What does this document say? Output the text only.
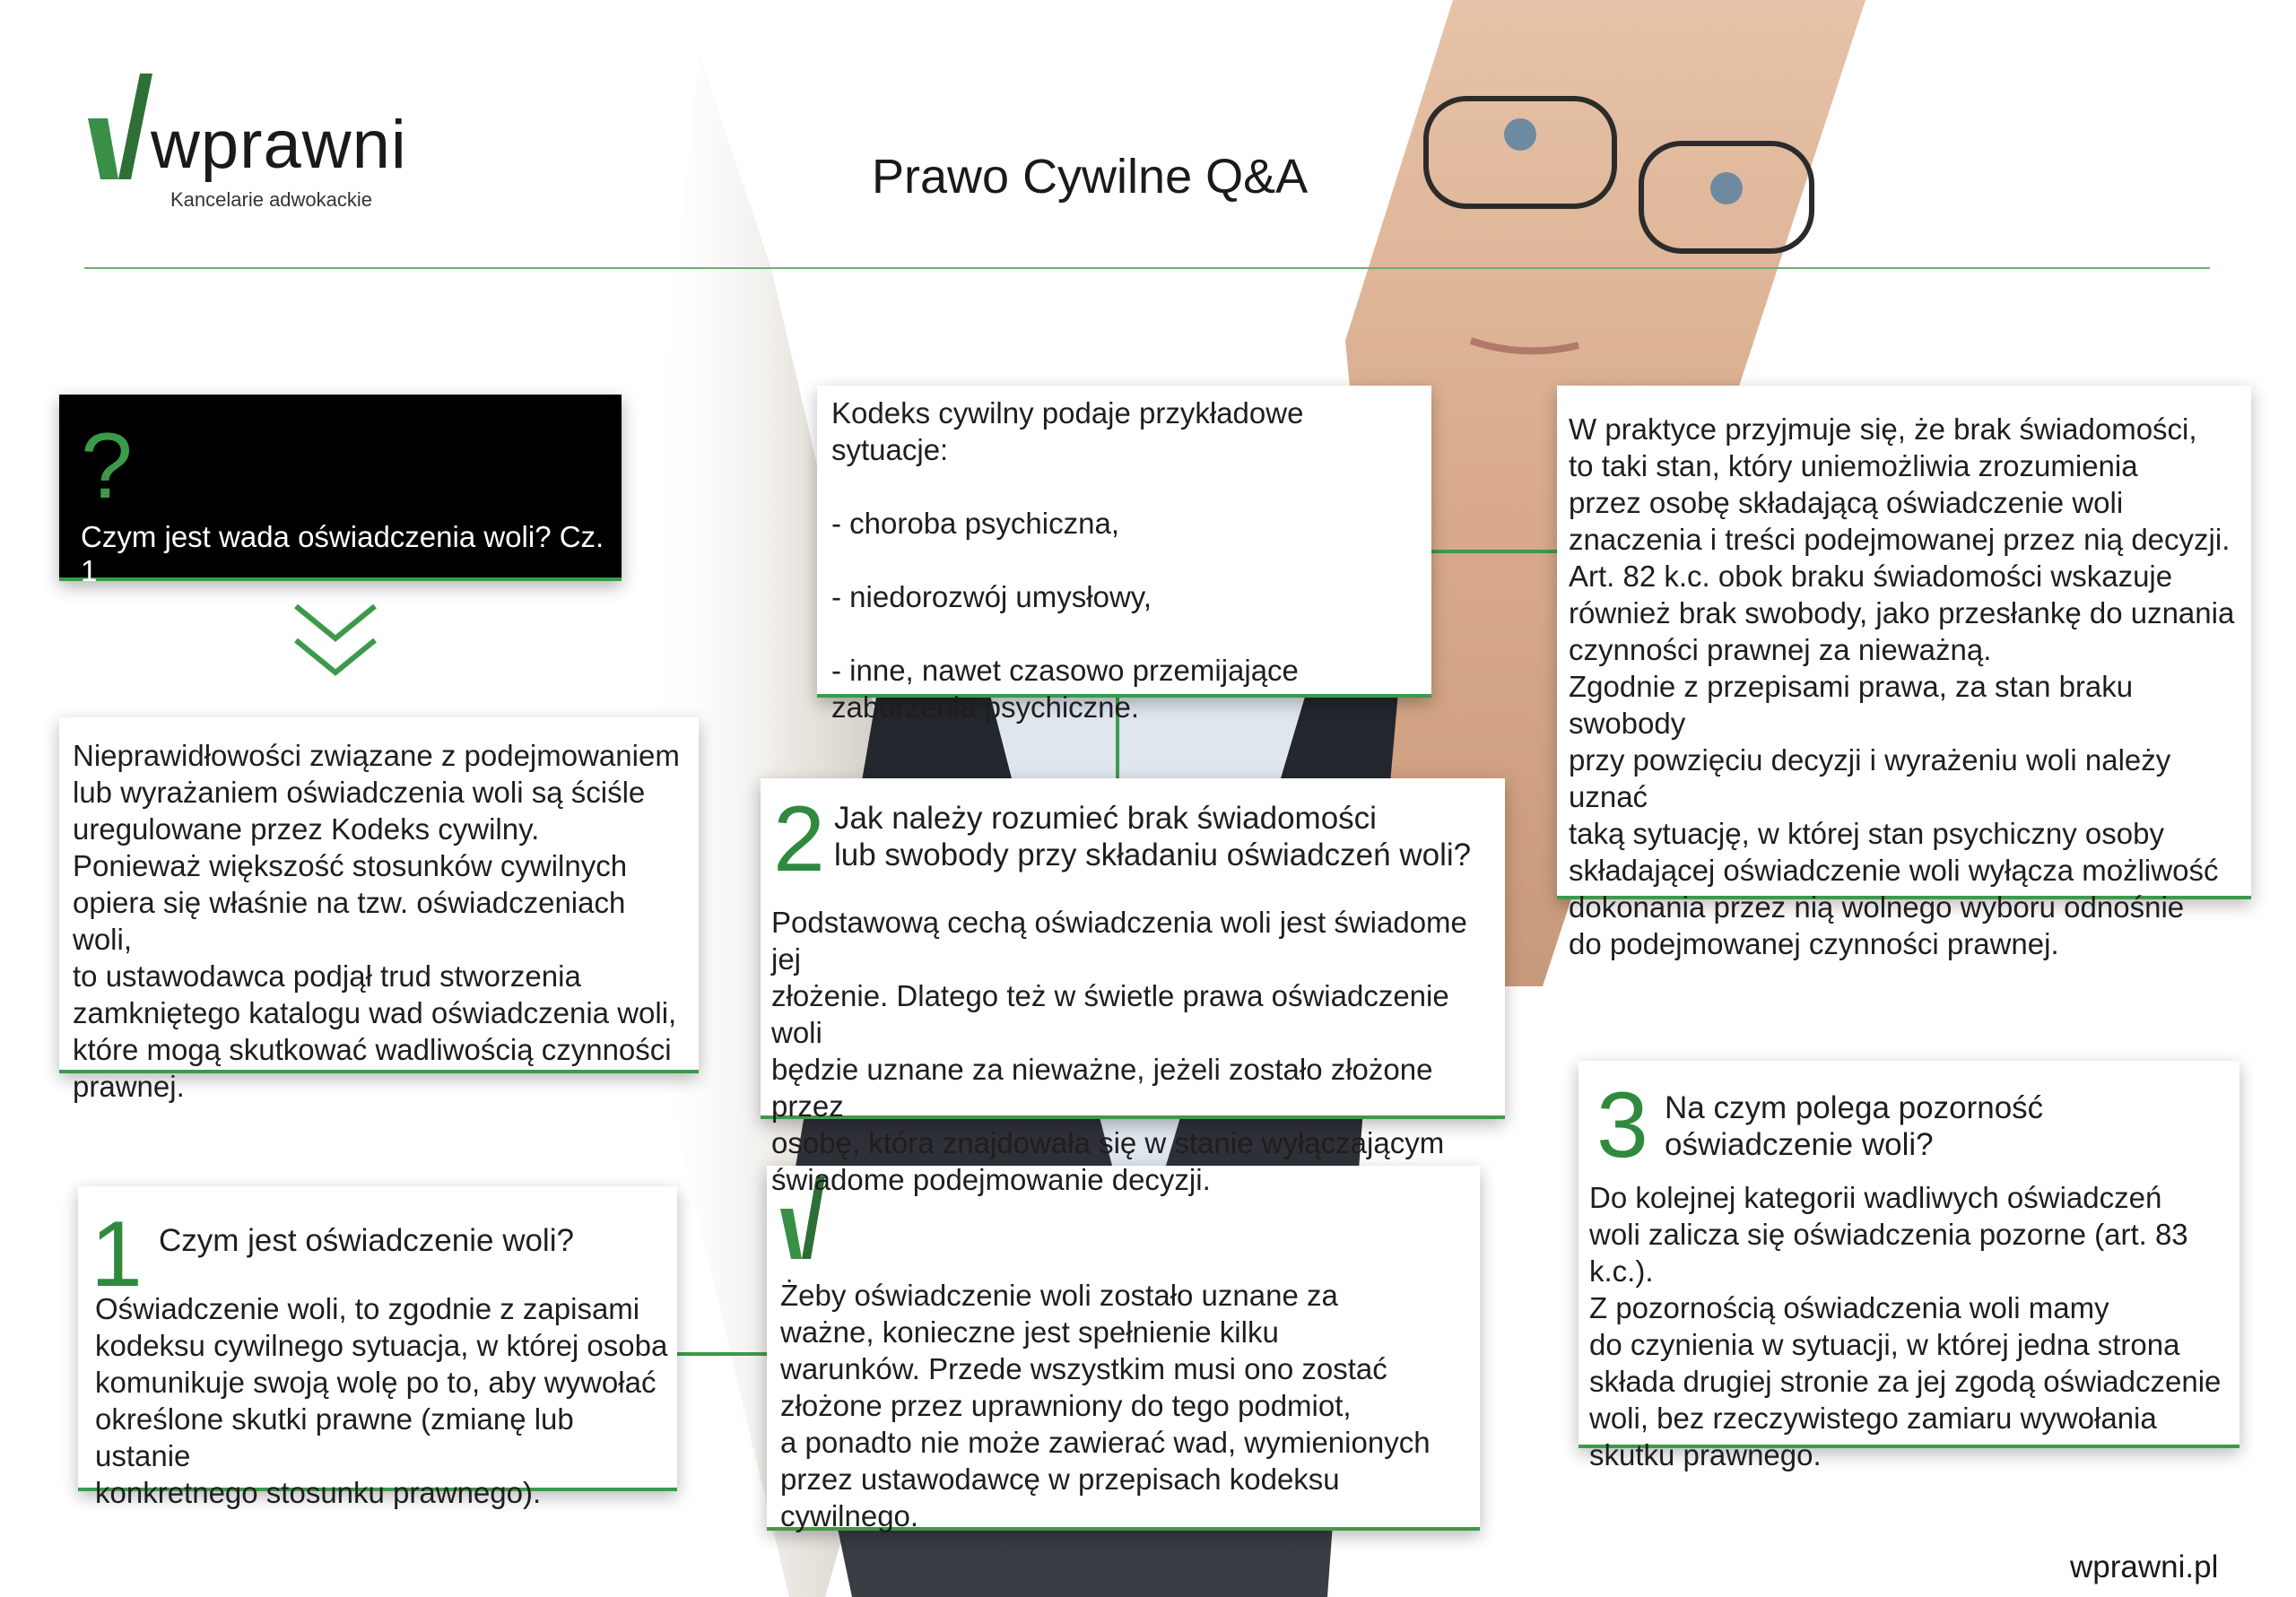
wprawni
Kancelarie adwokackie	Prawo Cywilne Q&A
?
Czym jest wada oświadczenia woli? Cz. 1

Nieprawidłowości związane z podejmowaniem
lub wyrażaniem oświadczenia woli są ściśle
uregulowane przez Kodeks cywilny.
Ponieważ większość stosunków cywilnych
opiera się właśnie na tzw. oświadczeniach woli,
to ustawodawca podjął trud stworzenia
zamkniętego katalogu wad oświadczenia woli,
które mogą skutkować wadliwością czynności
prawnej.

1 Czym jest oświadczenie woli?

Oświadczenie woli, to zgodnie z zapisami
kodeksu cywilnego sytuacja, w której osoba
komunikuje swoją wolę po to, aby wywołać
określone skutki prawne (zmianę lub ustanie
konkretnego stosunku prawnego).

Żeby oświadczenie woli zostało uznane za
ważne, konieczne jest spełnienie kilku
warunków. Przede wszystkim musi ono zostać
złożone przez uprawniony do tego podmiot,
a ponadto nie może zawierać wad, wymienionych
przez ustawodawcę w przepisach kodeksu cywilnego.

Kodeks cywilny podaje przykładowe sytuacje:

- choroba psychiczna,

- niedorozwój umysłowy,

- inne, nawet czasowo przemijające
zaburzenia psychiczne.

2 Jak należy rozumieć brak świadomości
lub swobody przy składaniu oświadczeń woli?

Podstawową cechą oświadczenia woli jest świadome jej
złożenie. Dlatego też w świetle prawa oświadczenie woli
będzie uznane za nieważne, jeżeli zostało złożone przez
osobę, która znajdowała się w stanie wyłączającym
świadome podejmowanie decyzji.

W praktyce przyjmuje się, że brak świadomości,
to taki stan, który uniemożliwia zrozumienia
przez osobę składającą oświadczenie woli
znaczenia i treści podejmowanej przez nią decyzji.
Art. 82 k.c. obok braku świadomości wskazuje
również brak swobody, jako przesłankę do uznania
czynności prawnej za nieważną.
Zgodnie z przepisami prawa, za stan braku swobody
przy powzięciu decyzji i wyrażeniu woli należy uznać
taką sytuację, w której stan psychiczny osoby
składającej oświadczenie woli wyłącza możliwość
dokonania przez nią wolnego wyboru odnośnie
do podejmowanej czynności prawnej.

3 Na czym polega pozorność
oświadczenie woli?

Do kolejnej kategorii wadliwych oświadczeń
woli zalicza się oświadczenia pozorne (art. 83 k.c.).
Z pozornością oświadczenia woli mamy
do czynienia w sytuacji, w której jedna strona
składa drugiej stronie za jej zgodą oświadczenie
woli, bez rzeczywistego zamiaru wywołania
skutku prawnego.

wprawni.pl
